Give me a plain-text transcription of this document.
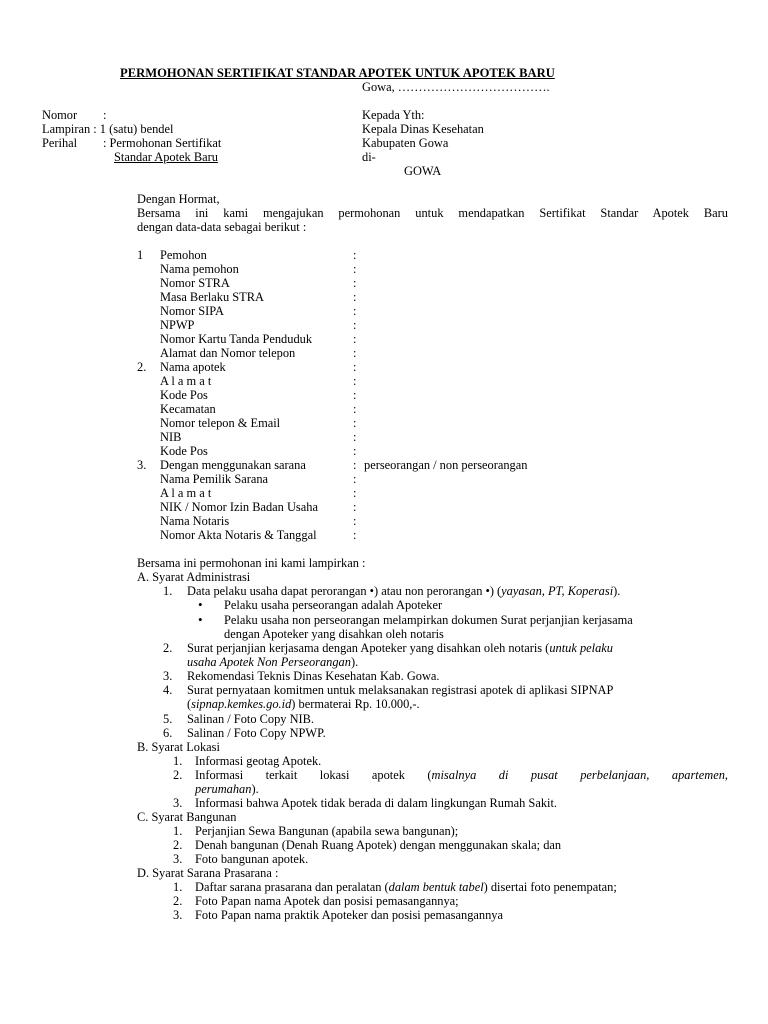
PERMOHONAN SERTIFIKAT STANDAR APOTEK UNTUK APOTEK BARU
Gowa, ……………………………….
Nomor :
Lampiran : 1 (satu) bendel
Perihal : Permohonan Sertifikat
Standar Apotek Baru
Kepada Yth:
Kepala Dinas Kesehatan
Kabupaten Gowa
di-
GOWA
Dengan Hormat,
Bersama ini kami mengajukan permohonan untuk mendapatkan Sertifikat Standar Apotek Baru
dengan data-data sebagai berikut :
1 Pemohon	:
Nama pemohon	:
Nomor STRA	:
Masa Berlaku STRA	:
Nomor SIPA	:
NPWP	:
Nomor Kartu Tanda Penduduk	:
Alamat dan Nomor telepon	:
2. Nama apotek	:
A l a m a t	:
Kode Pos	:
Kecamatan	:
Nomor telepon & Email	:
NIB	:
Kode Pos	:
3. Dengan menggunakan sarana	: perseorangan / non perseorangan
Nama Pemilik Sarana	:
A l a m a t	:
NIK / Nomor Izin Badan Usaha	:
Nama Notaris	:
Nomor Akta Notaris & Tanggal	:
Bersama ini permohonan ini kami lampirkan :
A. Syarat Administrasi
1. Data pelaku usaha dapat perorangan •) atau non perorangan •) (yayasan, PT, Koperasi).
• Pelaku usaha perseorangan adalah Apoteker
• Pelaku usaha non perseorangan melampirkan dokumen Surat perjanjian kerjasama
dengan Apoteker yang disahkan oleh notaris
2. Surat perjanjian kerjasama dengan Apoteker yang disahkan oleh notaris (untuk pelaku
usaha Apotek Non Perseorangan).
3. Rekomendasi Teknis Dinas Kesehatan Kab. Gowa.
4. Surat pernyataan komitmen untuk melaksanakan registrasi apotek di aplikasi SIPNAP
(sipnap.kemkes.go.id) bermaterai Rp. 10.000,-.
5. Salinan / Foto Copy NIB.
6. Salinan / Foto Copy NPWP.
B. Syarat Lokasi
1. Informasi geotag Apotek.
2. Informasi terkait lokasi apotek (misalnya di pusat perbelanjaan, apartemen,
perumahan).
3. Informasi bahwa Apotek tidak berada di dalam lingkungan Rumah Sakit.
C. Syarat Bangunan
1. Perjanjian Sewa Bangunan (apabila sewa bangunan);
2. Denah bangunan (Denah Ruang Apotek) dengan menggunakan skala; dan
3. Foto bangunan apotek.
D. Syarat Sarana Prasarana :
1. Daftar sarana prasarana dan peralatan (dalam bentuk tabel) disertai foto penempatan;
2. Foto Papan nama Apotek dan posisi pemasangannya;
3. Foto Papan nama praktik Apoteker dan posisi pemasangannya
